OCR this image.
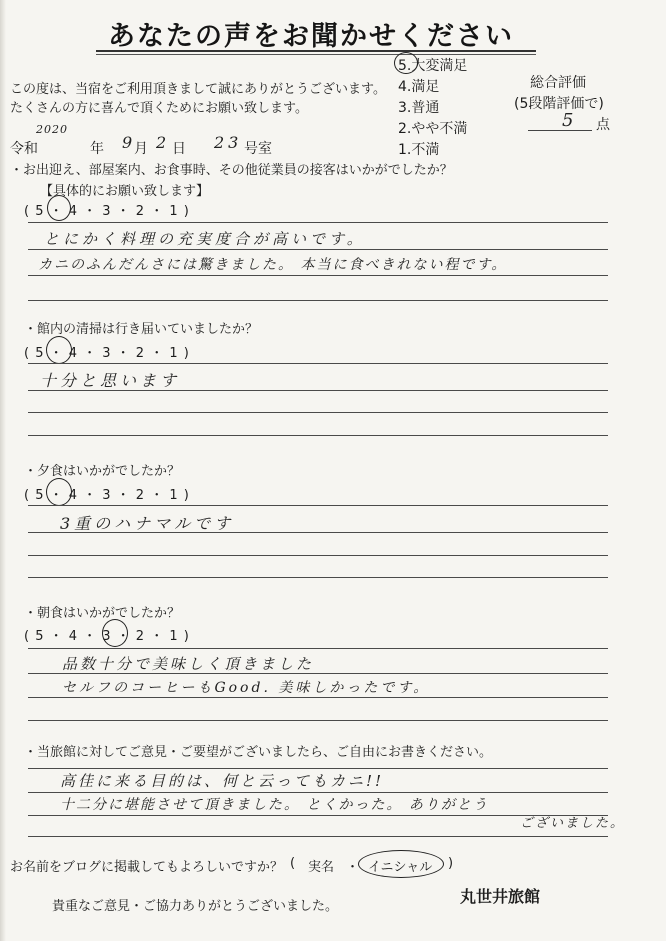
あなたの声をお聞かせください
この度は、当宿をご利用頂きまして誠にありがとうございます。
たくさんの方に喜んで頂くためにお願い致します。
5.大変満足
4.満足
3.普通
2.やや不満
1.不満
総合評価
(5段階評価で)
5 点
2020
令和	年 9
月 2 日 23 号室
・お出迎え、部屋案内、お食事時、その他従業員の接客はいかがでしたか？
【具体的にお願い致します】
( 5 ・ 4 ・ 3 ・ 2 ・ 1 )
とにかく料理の充実度合が高いです。
カニのふんだんさには驚きました。 本当に食べきれない程です。
・館内の清掃は行き届いていましたか？
( 5 ・ 4 ・ 3 ・ 2 ・ 1 )
十分と思います
・夕食はいかがでしたか？
( 5 ・ 4 ・ 3 ・ 2 ・ 1 )
3重のハナマルです
・朝食はいかがでしたか？
( 5 ・ 4 ・ 3 ・ 2 ・ 1 )
品数十分で美味しく頂きました
セルフのコーヒーもGood. 美味しかったです。
・当旅館に対してご意見・ご要望がございましたら、ご自由にお書きください。
高佳に来る目的は、何と云ってもカニ!!
十二分に堪能させて頂きました。 とくかった。 ありがとう
ございました。
お名前をブログに掲載してもよろしいですか？ ( 実名 ・ イニシャル )
貴重なご意見・ご協力ありがとうございました。
丸世井旅館
